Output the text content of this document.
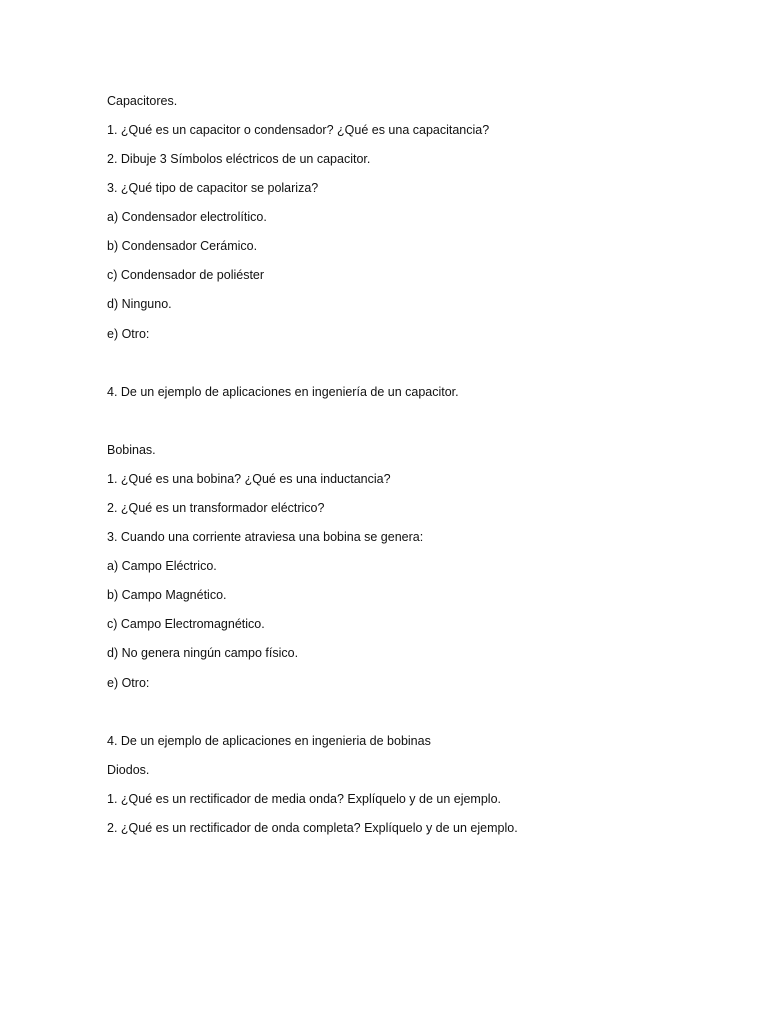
Capacitores.
1. ¿Qué es un capacitor o condensador? ¿Qué es una capacitancia?
2. Dibuje 3 Símbolos eléctricos de un capacitor.
3. ¿Qué tipo de capacitor se polariza?
a) Condensador electrolítico.
b) Condensador Cerámico.
c) Condensador de poliéster
d) Ninguno.
e) Otro:
4. De un ejemplo de aplicaciones en ingeniería de un capacitor.
Bobinas.
1. ¿Qué es una bobina? ¿Qué es una inductancia?
2. ¿Qué es un transformador eléctrico?
3. Cuando una corriente atraviesa una bobina se genera:
a) Campo Eléctrico.
b) Campo Magnético.
c) Campo Electromagnético.
d) No genera ningún campo físico.
e) Otro:
4. De un ejemplo de aplicaciones en ingenieria de bobinas
Diodos.
1. ¿Qué es un rectificador de media onda? Explíquelo y de un ejemplo.
2. ¿Qué es un rectificador de onda completa? Explíquelo y de un ejemplo.
